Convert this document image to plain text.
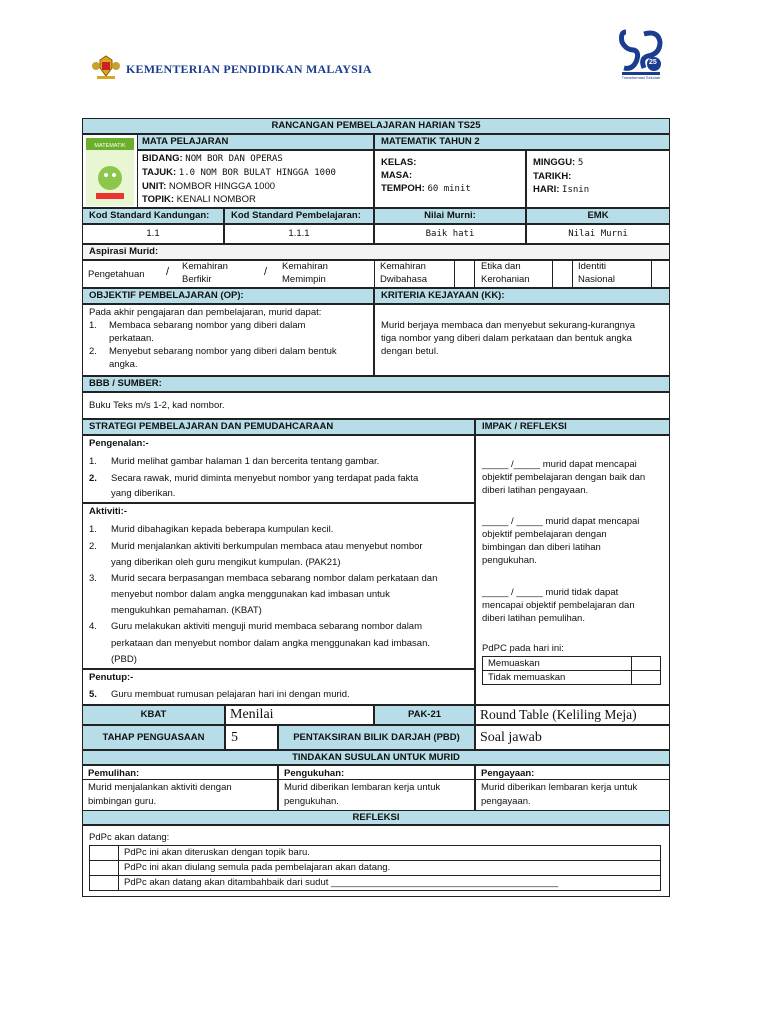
KEMENTERIAN PENDIDIKAN MALAYSIA	25
Transformasi Sekolah
RANCANGAN PEMBELAJARAN HARIAN TS25
MATEMATIK	MATA PELAJARAN	MATEMATIK TAHUN 2
BIDANG: NOM BOR DAN OPERAS
TAJUK: 1.0 NOM BOR BULAT HINGGA 1000
UNIT: NOMBOR HINGGA 1000
TOPIK: KENALI NOMBOR
KELAS:
MASA:
TEMPOH: 60 minit
MINGGU: 5
TARIKH:
HARI: Isnin
Kod Standard Kandungan:	Kod Standard Pembelajaran:	Nilai Murni:	EMK
1.1	1.1.1	Baik hati	Nilai Murni
Aspirasi Murid:
Pengetahuan / Kemahiran Berfikir
/ Kemahiran Memimpin
Kemahiran Dwibahasa
Etika dan Kerohanian
Identiti Nasional
OBJEKTIF PEMBELAJARAN (OP):	KRITERIA KEJAYAAN (KK):
Pada akhir pengajaran dan pembelajaran, murid dapat:
1. Membaca sebarang nombor yang diberi dalam
perkataan.
2. Menyebut sebarang nombor yang diberi dalam bentuk
angka.
Murid berjaya membaca dan menyebut sekurang-kurangnya
tiga nombor yang diberi dalam perkataan dan bentuk angka
dengan betul.
BBB / SUMBER:
Buku Teks m/s 1-2, kad nombor.
STRATEGI PEMBELAJARAN DAN PEMUDAHCARAAN	IMPAK / REFLEKSI
Pengenalan:-
1. Murid melihat gambar halaman 1 dan bercerita tentang gambar.
2. Secara rawak, murid diminta menyebut nombor yang terdapat pada fakta
yang diberikan.
Aktiviti:-
1. Murid dibahagikan kepada beberapa kumpulan kecil.
2. Murid menjalankan aktiviti berkumpulan membaca atau menyebut nombor
yang diberikan oleh guru mengikut kumpulan. (PAK21)
3. Murid secara berpasangan membaca sebarang nombor dalam perkataan dan
menyebut nombor dalam angka menggunakan kad imbasan untuk
mengukuhkan pemahaman. (KBAT)
4. Guru melakukan aktiviti menguji murid membaca sebarang nombor dalam
perkataan dan menyebut nombor dalam angka menggunakan kad imbasan.
(PBD)
Penutup:-
5. Guru membuat rumusan pelajaran hari ini dengan murid.
_____ /_____ murid dapat mencapai
objektif pembelajaran dengan baik dan
diberi latihan pengayaan.
_____ / _____ murid dapat mencapai
objektif pembelajaran dengan
bimbingan dan diberi latihan
pengukuhan.
_____ / _____ murid tidak dapat
mencapai objektif pembelajaran dan
diberi latihan pemulihan.
PdPC pada hari ini:
Memuaskan
Tidak memuaskan
KBAT	Menilai	PAK-21	Round Table (Keliling Meja)
TAHAP PENGUASAAN	5	PENTAKSIRAN BILIK DARJAH (PBD)	Soal jawab
TINDAKAN SUSULAN UNTUK MURID
Pemulihan:	Pengukuhan:	Pengayaan:
Murid menjalankan aktiviti dengan
bimbingan guru.
Murid diberikan lembaran kerja untuk
pengukuhan.
Murid diberikan lembaran kerja untuk
pengayaan.
REFLEKSI
PdPc akan datang:
PdPc ini akan diteruskan dengan topik baru.
PdPc ini akan diulang semula pada pembelajaran akan datang.
PdPc akan datang akan ditambahbaik dari sudut ___________________________________________
